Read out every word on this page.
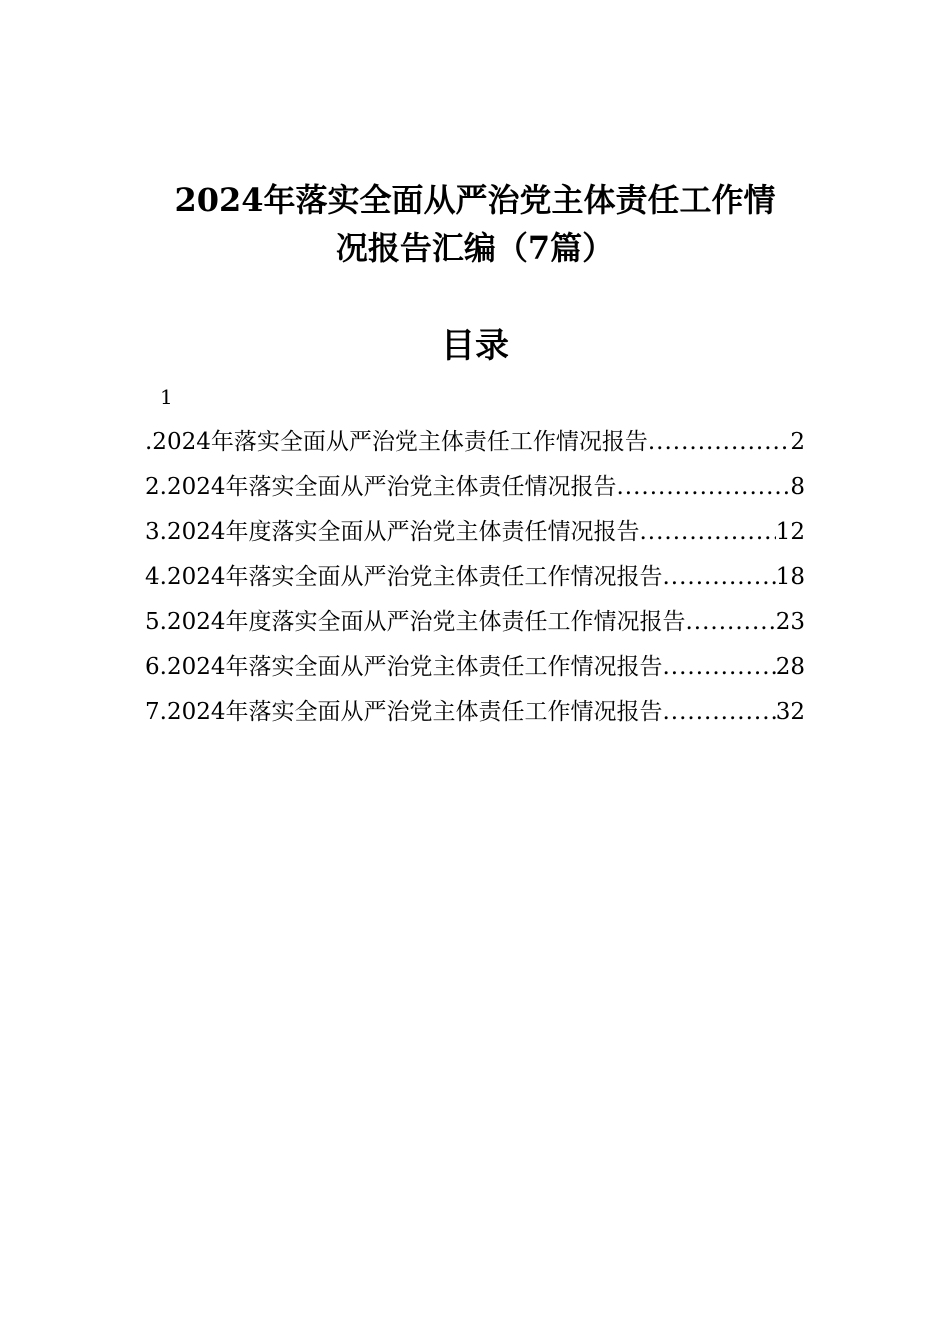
2024年落实全面从严治党主体责任工作情
况报告汇编（7篇）
目录
1
.2024年落实全面从严治党主体责任工作情况报告 .....	2
2.2024年落实全面从严治党主体责任情况报告 .....	8
3.2024年度落实全面从严治党主体责任情况报告 .....	12
4.2024年落实全面从严治党主体责任工作情况报告 .....	18
5.2024年度落实全面从严治党主体责任工作情况报告 .....	23
6.2024年落实全面从严治党主体责任工作情况报告 .....	28
7.2024年落实全面从严治党主体责任工作情况报告 .....	32
